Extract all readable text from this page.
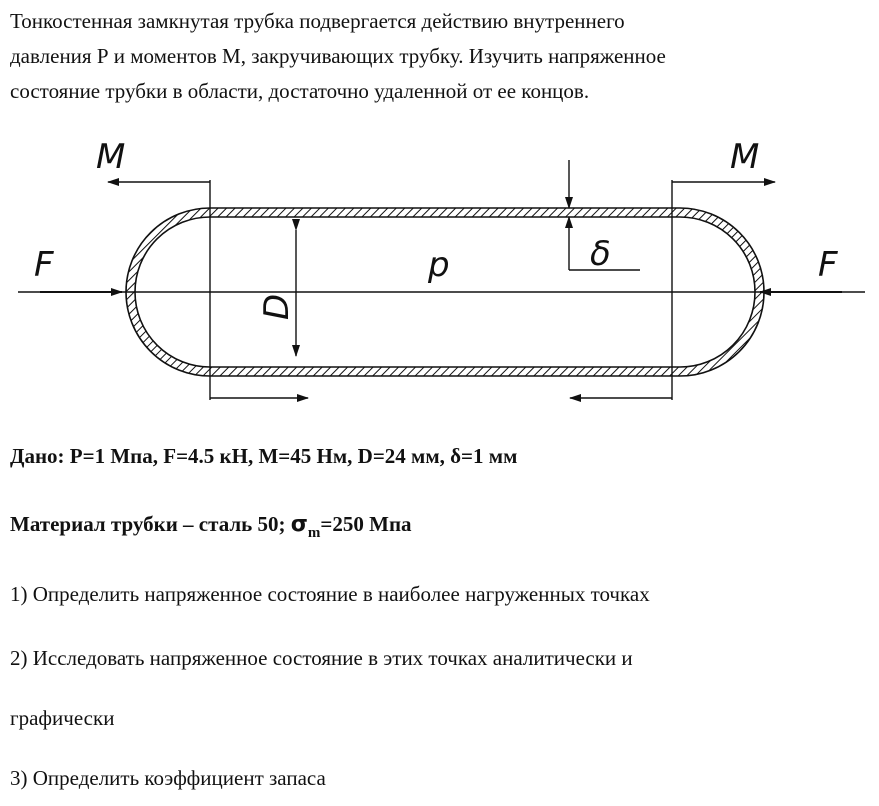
Тонкостенная замкнутая трубка подвергается действию внутреннего
давления Р и моментов М, закручивающих трубку. Изучить напряженное
состояние трубки в области, достаточно удаленной от ее концов.
M	M
F	F
p	δ
D
Дано: P=1 Мпа, F=4.5 кН, M=45 Нм, D=24 мм, δ=1 мм
Материал трубки – сталь 50; $\sigma_m=250$ Мпа
1) Определить напряженное состояние в наиболее нагруженных точках
2) Исследовать напряженное состояние в этих точках аналитически и
графически
3) Определить коэффициент запаса
